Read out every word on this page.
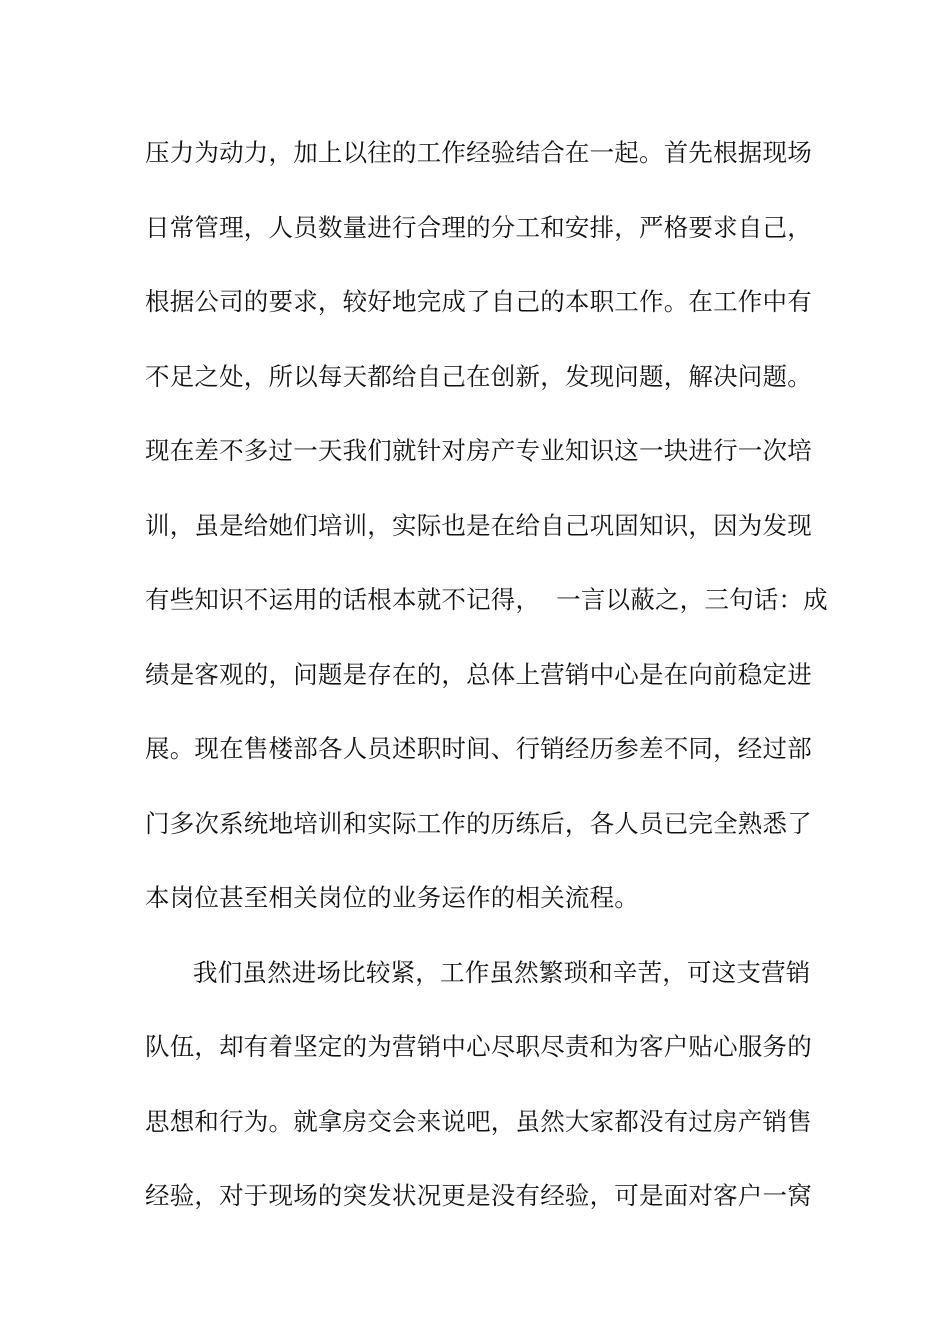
压力为动力，加上以往的工作经验结合在一起。首先根据现场
日常管理，人员数量进行合理的分工和安排，严格要求自己，
根据公司的要求，较好地完成了自己的本职工作。在工作中有
不足之处，所以每天都给自己在创新，发现问题，解决问题。
现在差不多过一天我们就针对房产专业知识这一块进行一次培
训，虽是给她们培训，实际也是在给自己巩固知识，因为发现
有些知识不运用的话根本就不记得，  一言以蔽之，三句话：成
绩是客观的，问题是存在的，总体上营销中心是在向前稳定进
展。现在售楼部各人员述职时间、行销经历参差不同，经过部
门多次系统地培训和实际工作的历练后，各人员已完全熟悉了
本岗位甚至相关岗位的业务运作的相关流程。
我们虽然进场比较紧，工作虽然繁琐和辛苦，可这支营销
队伍，却有着坚定的为营销中心尽职尽责和为客户贴心服务的
思想和行为。就拿房交会来说吧，虽然大家都没有过房产销售
经验，对于现场的突发状况更是没有经验，可是面对客户一窝
